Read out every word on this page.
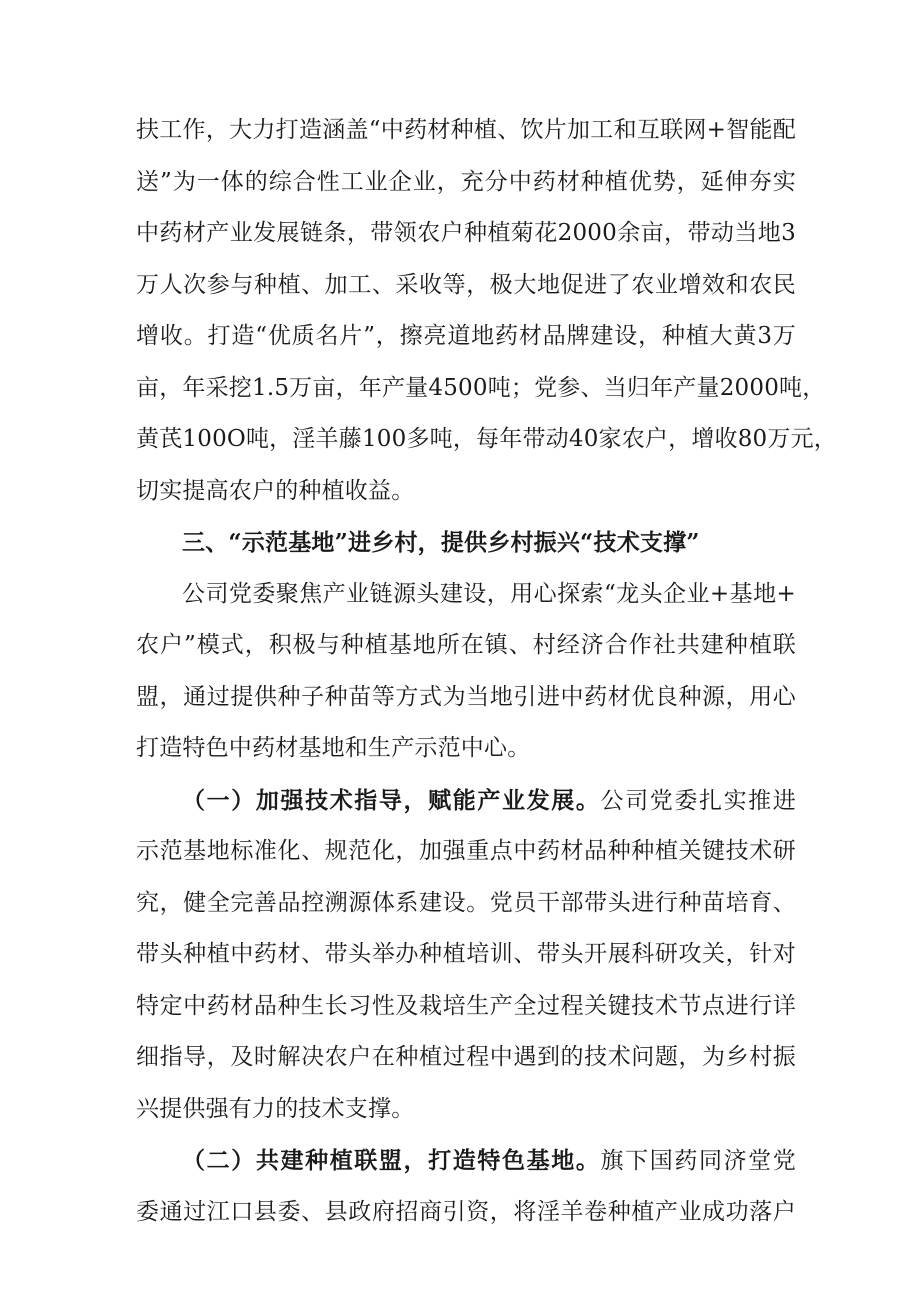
扶工作，大力打造涵盖“中药材种植、饮片加工和互联网+智能配
送”为一体的综合性工业企业，充分中药材种植优势，延伸夯实
中药材产业发展链条，带领农户种植菊花2000余亩，带动当地3
万人次参与种植、加工、采收等，极大地促进了农业增效和农民
增收。打造“优质名片”，擦亮道地药材品牌建设，种植大黄3万
亩，年采挖1.5万亩，年产量4500吨；党参、当归年产量2000吨，
黄芪100O吨，淫羊藤100多吨，每年带动40家农户，增收80万元，
切实提高农户的种植收益。
三、“示范基地”进乡村，提供乡村振兴“技术支撑”
公司党委聚焦产业链源头建设，用心探索“龙头企业+基地+
农户”模式，积极与种植基地所在镇、村经济合作社共建种植联
盟，通过提供种子种苗等方式为当地引进中药材优良种源，用心
打造特色中药材基地和生产示范中心。
（一）加强技术指导，赋能产业发展。公司党委扎实推进
示范基地标准化、规范化，加强重点中药材品种种植关键技术研
究，健全完善品控溯源体系建设。党员干部带头进行种苗培育、
带头种植中药材、带头举办种植培训、带头开展科研攻关，针对
特定中药材品种生长习性及栽培生产全过程关键技术节点进行详
细指导，及时解决农户在种植过程中遇到的技术问题，为乡村振
兴提供强有力的技术支撑。
（二）共建种植联盟，打造特色基地。旗下国药同济堂党
委通过江口县委、县政府招商引资，将淫羊卷种植产业成功落户
